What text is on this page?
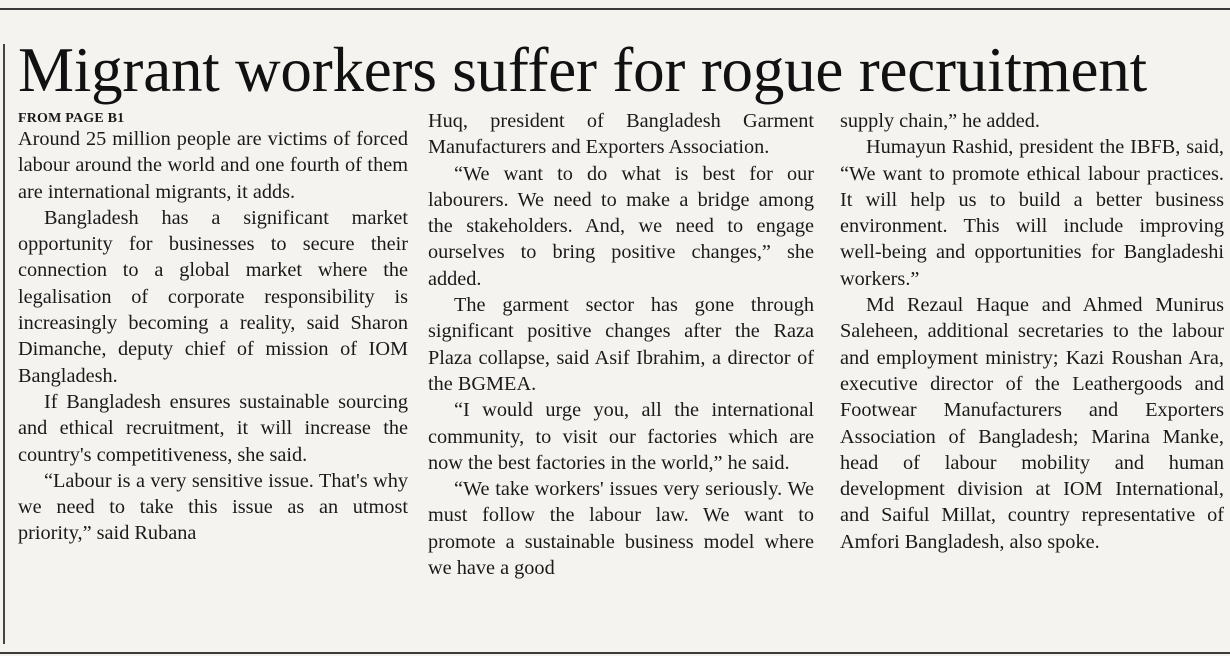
Migrant workers suffer for rogue recruitment
FROM PAGE B1

Around 25 million people are victims of forced labour around the world and one fourth of them are international migrants, it adds.

Bangladesh has a significant market opportunity for businesses to secure their connection to a global market where the legalisation of corporate responsibility is increasingly becoming a reality, said Sharon Dimanche, deputy chief of mission of IOM Bangladesh.

If Bangladesh ensures sustainable sourcing and ethical recruitment, it will increase the country's competitiveness, she said.

“Labour is a very sensitive issue. That's why we need to take this issue as an utmost priority,” said Rubana

Huq, president of Bangladesh Garment Manufacturers and Exporters Association.

“We want to do what is best for our labourers. We need to make a bridge among the stakeholders. And, we need to engage ourselves to bring positive changes,” she added.

The garment sector has gone through significant positive changes after the Raza Plaza collapse, said Asif Ibrahim, a director of the BGMEA.

“I would urge you, all the international community, to visit our factories which are now the best factories in the world,” he said.

“We take workers' issues very seriously. We must follow the labour law. We want to promote a sustainable business model where we have a good

supply chain,” he added.

Humayun Rashid, president the IBFB, said, “We want to promote ethical labour practices. It will help us to build a better business environment. This will include improving well-being and opportunities for Bangladeshi workers.”

Md Rezaul Haque and Ahmed Munirus Saleheen, additional secretaries to the labour and employment ministry; Kazi Roushan Ara, executive director of the Leathergoods and Footwear Manufacturers and Exporters Association of Bangladesh; Marina Manke, head of labour mobility and human development division at IOM International, and Saiful Millat, country representative of Amfori Bangladesh, also spoke.
